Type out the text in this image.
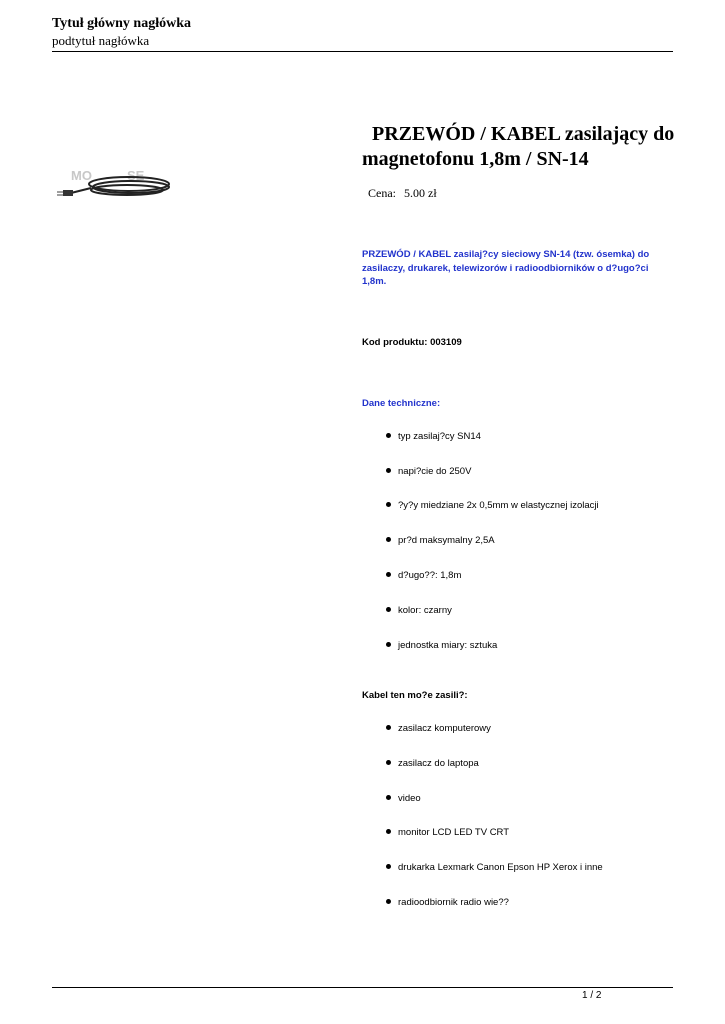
Tytuł główny nagłówka
podtytuł nagłówka
MO	SE
PRZEWÓD / KABEL zasilający do magnetofonu 1,8m / SN-14
Cena: 5.00 zł
PRZEWÓD / KABEL zasilaj?cy sieciowy SN-14 (tzw. ósemka) do zasilaczy, drukarek, telewizorów i radioodbiorników o d?ugo?ci 1,8m.
Kod produktu: 003109
Dane techniczne:
typ zasilaj?cy SN14
napi?cie do 250V
?y?y miedziane 2x 0,5mm w elastycznej izolacji
pr?d maksymalny 2,5A
d?ugo??: 1,8m
kolor: czarny
jednostka miary: sztuka
Kabel ten mo?e zasili?:
zasilacz komputerowy
zasilacz do laptopa
video
monitor LCD LED TV CRT
drukarka Lexmark Canon Epson HP Xerox i inne
radioodbiornik radio wie??
1 / 2
